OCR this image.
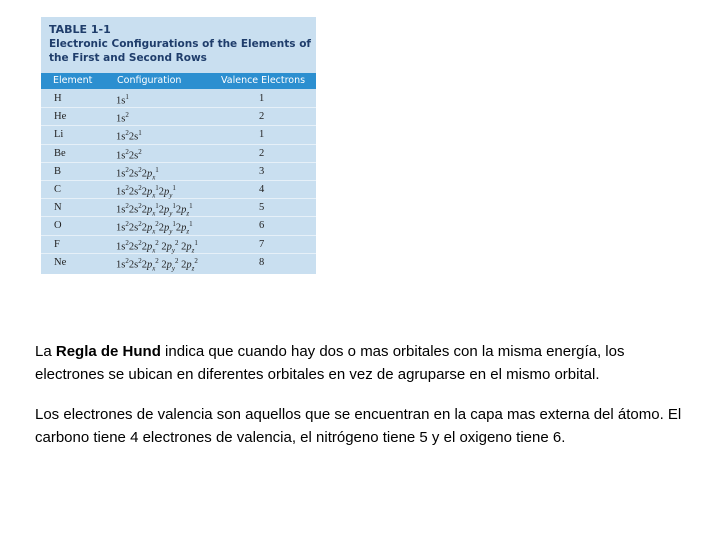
TABLE 1-1
Electronic Configurations of the Elements of the First and Second Rows
Element	Configuration	Valence Electrons
H	$1s^1$	1
He	$1s^2$	2
Li	$1s^22s^1$	1
Be	$1s^22s^2$	2
B	$1s^22s^22p_x^1$	3
C	$1s^22s^22p_x^12p_y^1$	4
N	$1s^22s^22p_x^12p_y^12p_z^1$	5
O	$1s^22s^22p_x^22p_y^12p_z^1$	6
F	$1s^22s^22p_x^2$ $2p_y^2$ $2p_z^1$	7
Ne	$1s^22s^22p_x^2$ $2p_y^2$ $2p_z^2$	8

La Regla de Hund indica que cuando hay dos o mas orbitales con la misma energía, los electrones se ubican en diferentes orbitales en vez de agruparse en el mismo orbital.

Los electrones de valencia son aquellos que se encuentran en la capa mas externa del átomo. El carbono tiene 4 electrones de valencia, el nitrógeno tiene 5 y el oxigeno tiene 6.
